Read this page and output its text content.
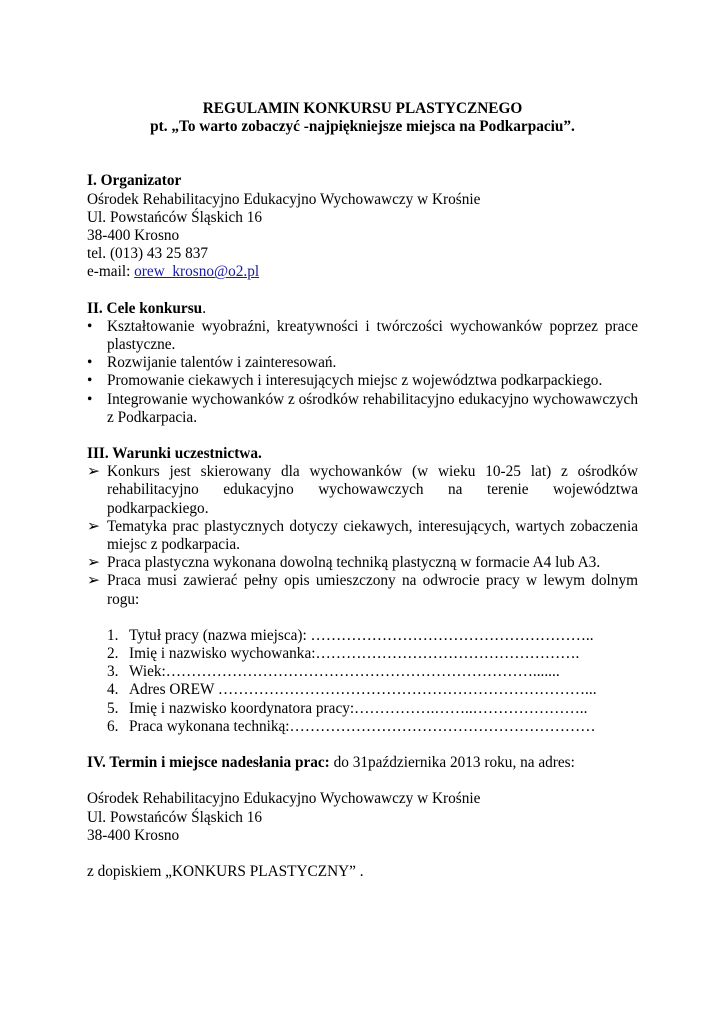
REGULAMIN KONKURSU PLASTYCZNEGO
pt. „To warto zobaczyć -najpiękniejsze miejsca na Podkarpaciu”.
I. Organizator
Ośrodek Rehabilitacyjno Edukacyjno Wychowawczy w Krośnie
Ul. Powstańców Śląskich 16
38-400 Krosno
tel. (013) 43 25 837
e-mail: orew_krosno@o2.pl
II. Cele konkursu.
• Kształtowanie wyobraźni, kreatywności i twórczości wychowanków poprzez prace plastyczne.
• Rozwijanie talentów i zainteresowań.
• Promowanie ciekawych i interesujących miejsc z województwa podkarpackiego.
• Integrowanie wychowanków z ośrodków rehabilitacyjno edukacyjno wychowawczych z Podkarpacia.
III. Warunki uczestnictwa.
➢ Konkurs jest skierowany dla wychowanków (w wieku 10-25 lat) z ośrodków rehabilitacyjno edukacyjno wychowawczych na terenie województwa podkarpackiego.
➢ Tematyka prac plastycznych dotyczy ciekawych, interesujących, wartych zobaczenia miejsc z podkarpacia.
➢ Praca plastyczna wykonana dowolną techniką plastyczną w formacie A4 lub A3.
➢ Praca musi zawierać pełny opis umieszczony na odwrocie pracy w lewym dolnym rogu:
1. Tytuł pracy (nazwa miejsca): ………………………………………………..
2. Imię i nazwisko wychowanka:…………………………………………….
3. Wiek:……………………………………………………………….......
4. Adres OREW ………………………………………………………………...
5. Imię i nazwisko koordynatora pracy:…………….……..…………………..
6. Praca wykonana techniką:……………………………………………………
IV. Termin i miejsce nadesłania prac: do 31października 2013 roku, na adres:
Ośrodek Rehabilitacyjno Edukacyjno Wychowawczy w Krośnie
Ul. Powstańców Śląskich 16
38-400 Krosno
z dopiskiem „KONKURS PLASTYCZNY” .
